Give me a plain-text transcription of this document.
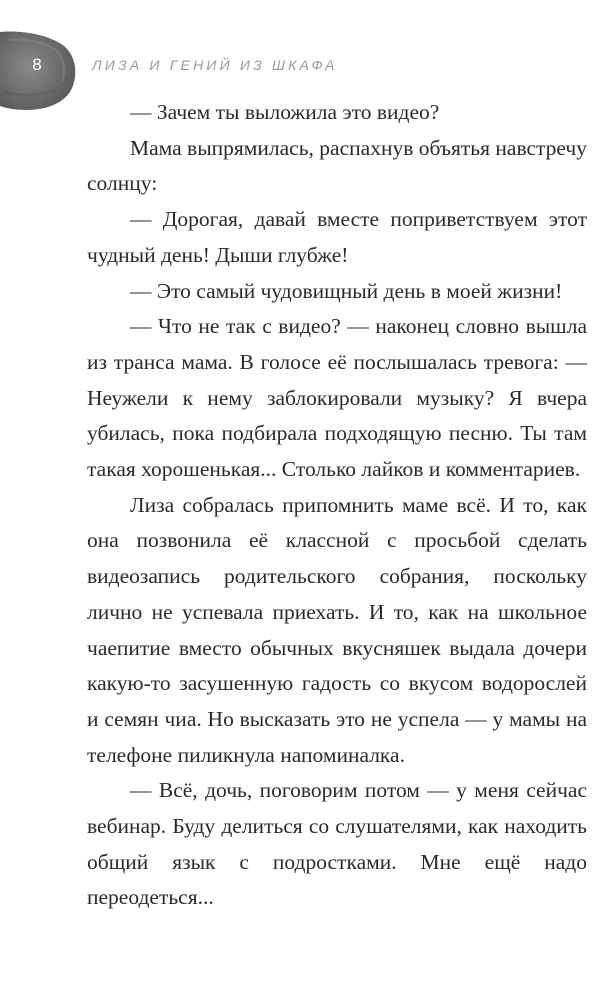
8	ЛИЗА И ГЕНИЙ ИЗ ШКАФА

— Зачем ты выложила это видео?

Мама выпрямилась, распахнув объятья навстречу солнцу:

— Дорогая, давай вместе поприветствуем этот чудный день! Дыши глубже!

— Это самый чудовищный день в моей жизни!

— Что не так с видео? — наконец словно вышла из транса мама. В голосе её послышалась тревога: — Неужели к нему заблокировали музыку? Я вчера убилась, пока подбирала подходящую песню. Ты там такая хорошенькая... Столько лайков и комментариев.

Лиза собралась припомнить маме всё. И то, как она позвонила её классной с просьбой сделать видеозапись родительского собрания, поскольку лично не успевала приехать. И то, как на школьное чаепитие вместо обычных вкусняшек выдала дочери какую-то засушенную гадость со вкусом водорослей и семян чиа. Но высказать это не успела — у мамы на телефоне пиликнула напоминалка.

— Всё, дочь, поговорим потом — у меня сейчас вебинар. Буду делиться со слушателями, как находить общий язык с подростками. Мне ещё надо переодеться...
